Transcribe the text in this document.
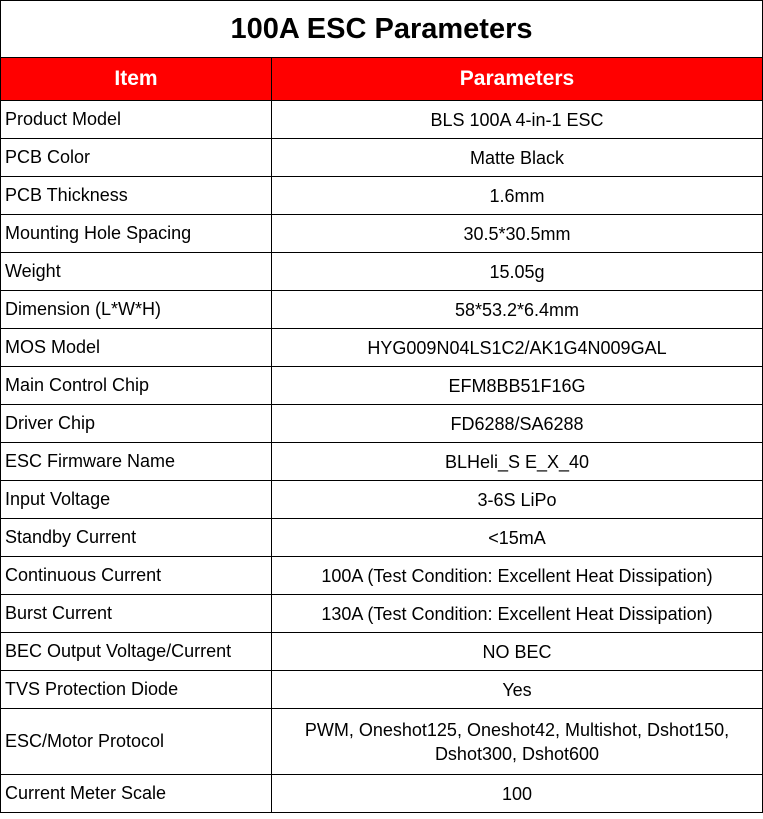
100A ESC Parameters	
Item	Parameters
Product Model	BLS 100A 4-in-1 ESC
PCB Color	Matte Black
PCB Thickness	1.6mm
Mounting Hole Spacing	30.5*30.5mm
Weight	15.05g
Dimension (L*W*H)	58*53.2*6.4mm
MOS Model	HYG009N04LS1C2/AK1G4N009GAL
Main Control Chip	EFM8BB51F16G
Driver Chip	FD6288/SA6288
ESC Firmware Name	BLHeli_S E_X_40
Input Voltage	3-6S LiPo
Standby Current	<15mA
Continuous Current	100A (Test Condition: Excellent Heat Dissipation)
Burst Current	130A (Test Condition: Excellent Heat Dissipation)
BEC Output Voltage/Current	NO BEC
TVS Protection Diode	Yes
ESC/Motor Protocol	PWM, Oneshot125, Oneshot42, Multishot, Dshot150, Dshot300, Dshot600
Current Meter Scale	100
